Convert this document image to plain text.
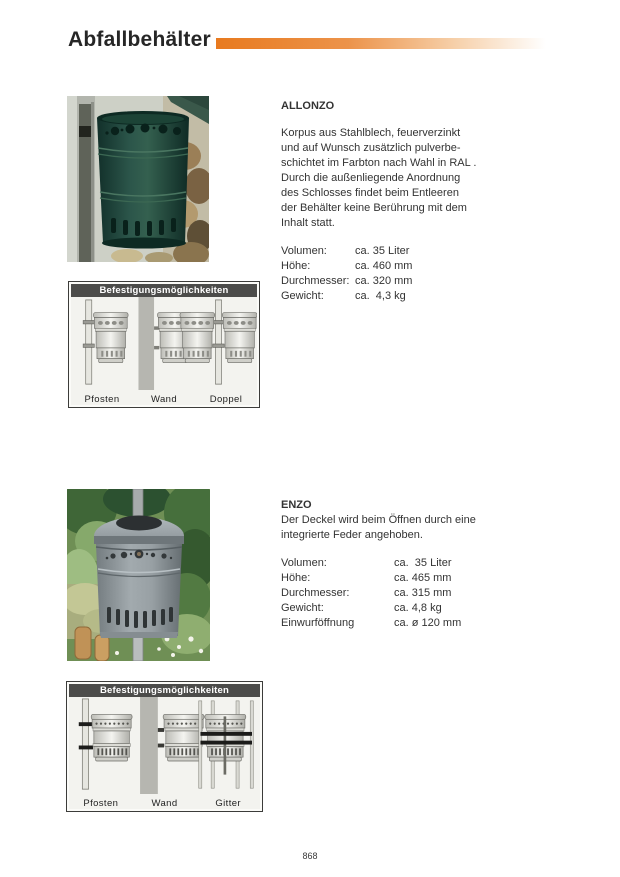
Abfallbehälter
ALLONZO
Korpus aus Stahlblech, feuerverzinkt
und auf Wunsch zusätzlich pulverbe-
schichtet im Farbton nach Wahl in RAL .
Durch die außenliegende Anordnung
des Schlosses findet beim Entleeren
der Behälter keine Berührung mit dem
Inhalt statt.
Volumen:	ca. 35 Liter
Höhe:	ca. 460 mm
Durchmesser: ca. 320 mm
Gewicht:	ca.  4,3 kg
Befestigungsmöglichkeiten
Pfosten	Wand	Doppel
ENZO
Der Deckel wird beim Öffnen durch eine
integrierte Feder angehoben.
Volumen:	ca.  35 Liter
Höhe:	ca. 465 mm
Durchmesser:	ca. 315 mm
Gewicht:	ca. 4,8 kg
Einwurföffnung	ca. ø 120 mm
Befestigungsmöglichkeiten
Pfosten	Wand	Gitter
868
